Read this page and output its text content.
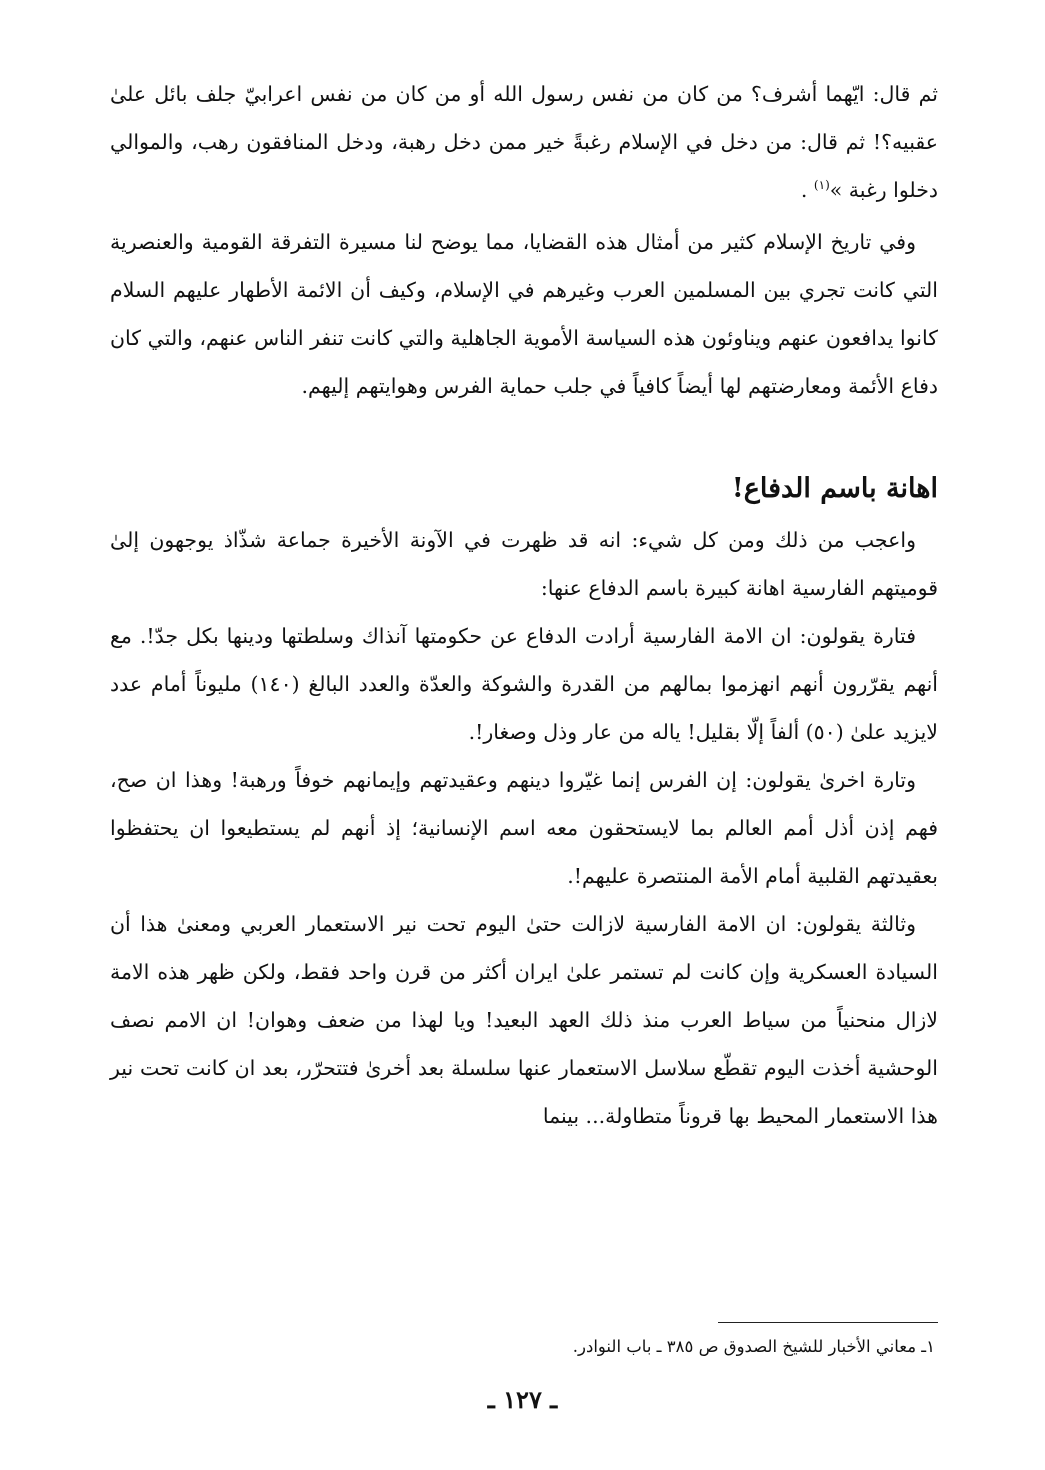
ثم قال: ايّهما أشرف؟ من كان من نفس رسول الله أو من كان من نفس اعرابيّ جلف بائل علىٰ عقبيه؟! ثم قال: من دخل في الإسلام رغبةً خير ممن دخل رهبة، ودخل المنافقون رهب، والموالي دخلوا رغبة »$^{(١)}$ .

وفي تاريخ الإسلام كثير من أمثال هذه القضايا، مما يوضح لنا مسيرة التفرقة القومية والعنصرية التي كانت تجري بين المسلمين العرب وغيرهم في الإسلام، وكيف أن الائمة الأطهار عليهم السلام كانوا يدافعون عنهم ويناوئون هذه السياسة الأموية الجاهلية والتي كانت تنفر الناس عنهم، والتي كان دفاع الأئمة ومعارضتهم لها أيضاً كافياً في جلب حماية الفرس وهوايتهم إليهم.

اهانة باسم الدفاع!

واعجب من ذلك ومن كل شيء: انه قد ظهرت في الآونة الأخيرة جماعة شذّاذ يوجهون إلىٰ قوميتهم الفارسية اهانة كبيرة باسم الدفاع عنها:

فتارة يقولون: ان الامة الفارسية أرادت الدفاع عن حكومتها آنذاك وسلطتها ودينها بكل جدّ!. مع أنهم يقرّرون أنهم انهزموا بمالهم من القدرة والشوكة والعدّة والعدد البالغ (١٤٠) مليوناً أمام عدد لايزيد علىٰ (٥٠) ألفاً إلّا بقليل! ياله من عار وذل وصغار!.

وتارة اخرىٰ يقولون: إن الفرس إنما غيّروا دينهم وعقيدتهم وإيمانهم خوفاً ورهبة! وهذا ان صح، فهم إذن أذل أمم العالم بما لايستحقون معه اسم الإنسانية؛ إذ أنهم لم يستطيعوا ان يحتفظوا بعقيدتهم القلبية أمام الأمة المنتصرة عليهم!.

وثالثة يقولون: ان الامة الفارسية لازالت حتىٰ اليوم تحت نير الاستعمار العربي ومعنىٰ هذا أن السيادة العسكرية وإن كانت لم تستمر علىٰ ايران أكثر من قرن واحد فقط، ولكن ظهر هذه الامة لازال منحنياً من سياط العرب منذ ذلك العهد البعيد! ويا لهذا من ضعف وهوان! ان الامم نصف الوحشية أخذت اليوم تقطّع سلاسل الاستعمار عنها سلسلة بعد أخرىٰ فتتحرّر، بعد ان كانت تحت نير هذا الاستعمار المحيط بها قروناً متطاولة... بينما

١ـ معاني الأخبار للشيخ الصدوق ص ٣٨٥ ـ باب النوادر.

ـ ١٢٧ ـ
